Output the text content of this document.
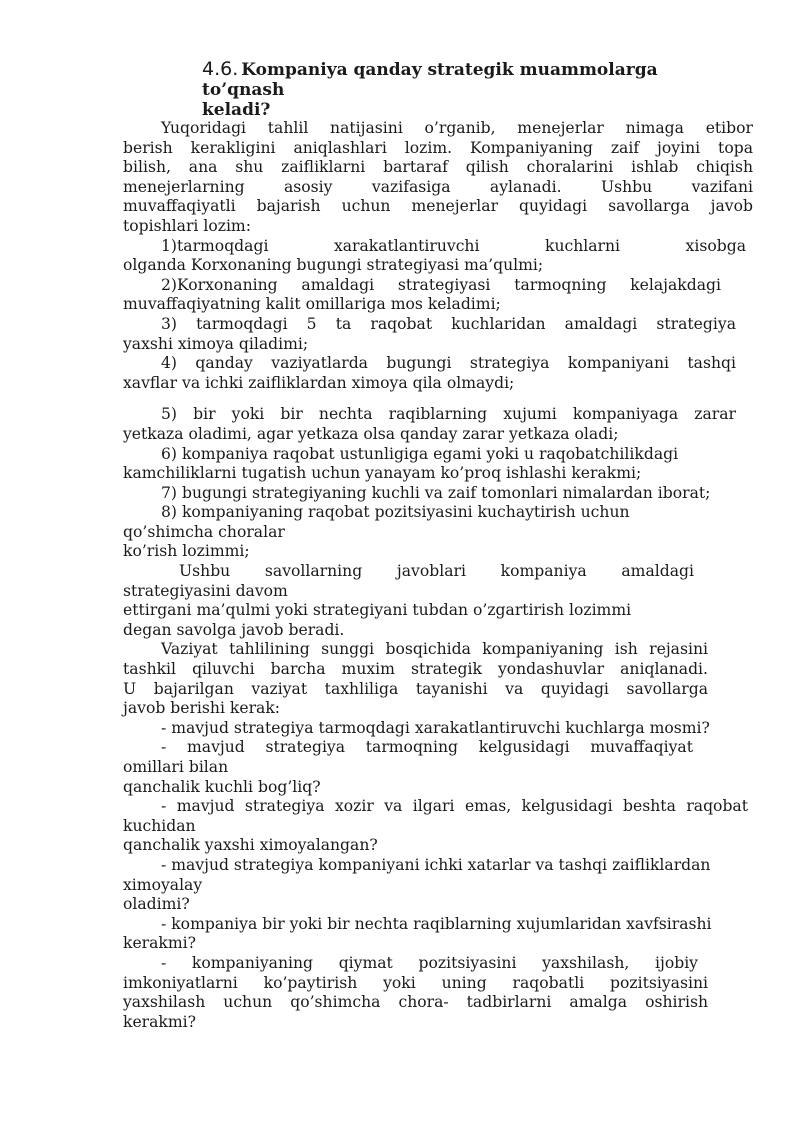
4.6. Kompaniya qanday strategik muammolarga to’qnash
keladi?
Yuqoridagi tahlil natijasini o’rganib, menejerlar nimaga etibor
berish kerakligini aniqlashlari lozim. Kompaniyaning zaif joyini topa
bilish, ana shu zaifliklarni bartaraf qilish choralarini ishlab chiqish
menejerlarning asosiy vazifasiga aylanadi. Ushbu vazifani
muvaffaqiyatli bajarish uchun menejerlar quyidagi savollarga javob
topishlari lozim:
1)tarmoqdagi xarakatlantiruvchi kuchlarni xisobga
olganda Korxonaning bugungi strategiyasi ma’qulmi;
2)Korxonaning amaldagi strategiyasi tarmoqning kelajakdagi
muvaffaqiyatning kalit omillariga mos keladimi;
3) tarmoqdagi 5 ta raqobat kuchlaridan amaldagi strategiya
yaxshi ximoya qiladimi;
4) qanday vaziyatlarda bugungi strategiya kompaniyani tashqi
xavflar va ichki zaifliklardan ximoya qila olmaydi;
5) bir yoki bir nechta raqiblarning xujumi kompaniyaga zarar
yetkaza oladimi, agar yetkaza olsa qanday zarar yetkaza oladi;
6) kompaniya raqobat ustunligiga egami yoki u raqobatchilikdagi
kamchiliklarni tugatish uchun yanayam ko’proq ishlashi kerakmi;
7) bugungi strategiyaning kuchli va zaif tomonlari nimalardan iborat;
8) kompaniyaning raqobat pozitsiyasini kuchaytirish uchun
qo’shimcha choralar
ko’rish lozimmi;
Ushbu savollarning javoblari kompaniya amaldagi
strategiyasini davom
ettirgani ma’qulmi yoki strategiyani tubdan o’zgartirish lozimmi
degan savolga javob beradi.
Vaziyat tahlilining sunggi bosqichida kompaniyaning ish rejasini
tashkil qiluvchi barcha muxim strategik yondashuvlar aniqlanadi.
U bajarilgan vaziyat taxhliliga tayanishi va quyidagi savollarga
javob berishi kerak:
- mavjud strategiya tarmoqdagi xarakatlantiruvchi kuchlarga mosmi?
- mavjud strategiya tarmoqning kelgusidagi muvaffaqiyat
omillari bilan
qanchalik kuchli bog’liq?
- mavjud strategiya xozir va ilgari emas, kelgusidagi beshta raqobat
kuchidan
qanchalik yaxshi ximoyalangan?
- mavjud strategiya kompaniyani ichki xatarlar va tashqi zaifliklardan
ximoyalay
oladimi?
- kompaniya bir yoki bir nechta raqiblarning xujumlaridan xavfsirashi
kerakmi?
- kompaniyaning qiymat pozitsiyasini yaxshilash, ijobiy
imkoniyatlarni ko’paytirish yoki uning raqobatli pozitsiyasini
yaxshilash uchun qo’shimcha chora- tadbirlarni amalga oshirish
kerakmi?
